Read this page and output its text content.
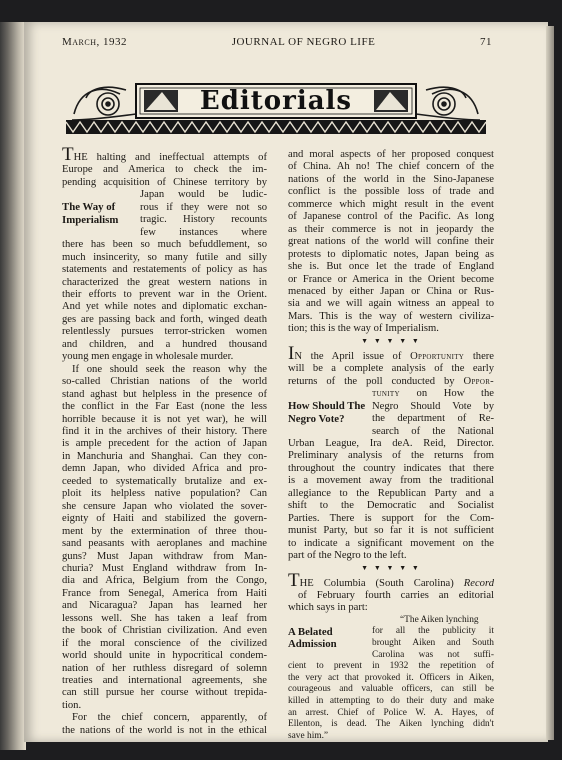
March, 1932	JOURNAL OF NEGRO LIFE	71
Editorials
THE halting and ineffectual attempts of
Europe and America to check the im-
pending acquisition of Chinese territory by
The Way of
Imperialism
Japan would be ludic-
rous if they were not so
tragic. History recounts
few instances where
there has been so much befuddlement, so
much insincerity, so many futile and silly
statements and restatements of policy as has
characterized the great western nations in
their efforts to prevent war in the Orient.
And yet while notes and diplomatic exchan-
ges are passing back and forth, winged death
relentlessly pursues terror-stricken women
and children, and a hundred thousand
young men engage in wholesale murder.
If one should seek the reason why the
so-called Christian nations of the world
stand aghast but helpless in the presence of
the conflict in the Far East (none the less
horrible because it is not yet war), he will
find it in the archives of their history. There
is ample precedent for the action of Japan
in Manchuria and Shanghai. Can they con-
demn Japan, who divided Africa and pro-
ceeded to systematically brutalize and ex-
ploit its helpless native population? Can
she censure Japan who violated the sover-
eignty of Haiti and stabilized the govern-
ment by the extermination of three thou-
sand peasants with aeroplanes and machine
guns? Must Japan withdraw from Man-
churia? Must England withdraw from In-
dia and Africa, Belgium from the Congo,
France from Senegal, America from Haiti
and Nicaragua? Japan has learned her
lessons well. She has taken a leaf from
the book of Christian civilization. And even
if the moral conscience of the civilized
world should unite in hypocritical condem-
nation of her ruthless disregard of solemn
treaties and international agreements, she
can still pursue her course without trepida-
tion.
For the chief concern, apparently, of
the nations of the world is not in the ethical
and moral aspects of her proposed conquest
of China. Ah no! The chief concern of the
nations of the world in the Sino-Japanese
conflict is the possible loss of trade and
commerce which might result in the event
of Japanese control of the Pacific. As long
as their commerce is not in jeopardy the
great nations of the world will confine their
protests to diplomatic notes, Japan being as
she is. But once let the trade of England
or France or America in the Orient become
menaced by either Japan or China or Rus-
sia and we will again witness an appeal to
Mars. This is the way of western civiliza-
tion; this is the way of Imperialism.
▼ ▼ ▼ ▼ ▼
IN the April issue of Opportunity there
will be a complete analysis of the early
returns of the poll conducted by Oppor-
How Should The
Negro Vote?
tunity on How the
Negro Should Vote by
the department of Re-
search of the National
Urban League, Ira deA. Reid, Director.
Preliminary analysis of the returns from
throughout the country indicates that there
is a movement away from the traditional
allegiance to the Republican Party and a
shift to the Democratic and Socialist
Parties. There is support for the Com-
munist Party, but so far it is not sufficient
to indicate a significant movement on the
part of the Negro to the left.
▼ ▼ ▼ ▼ ▼
THE Columbia (South Carolina) Record
of February fourth carries an editorial
which says in part:
A Belated
Admission
“The Aiken lynching
for all the publicity it
brought Aiken and South
Carolina was not suffi-
cient to prevent in 1932 the repetition of
the very act that provoked it. Officers in Aiken,
courageous and valuable officers, can still be
killed in attempting to do their duty and make
an arrest. Chief of Police W. A. Hayes, of
Ellenton, is dead. The Aiken lynching didn't
save him.”
